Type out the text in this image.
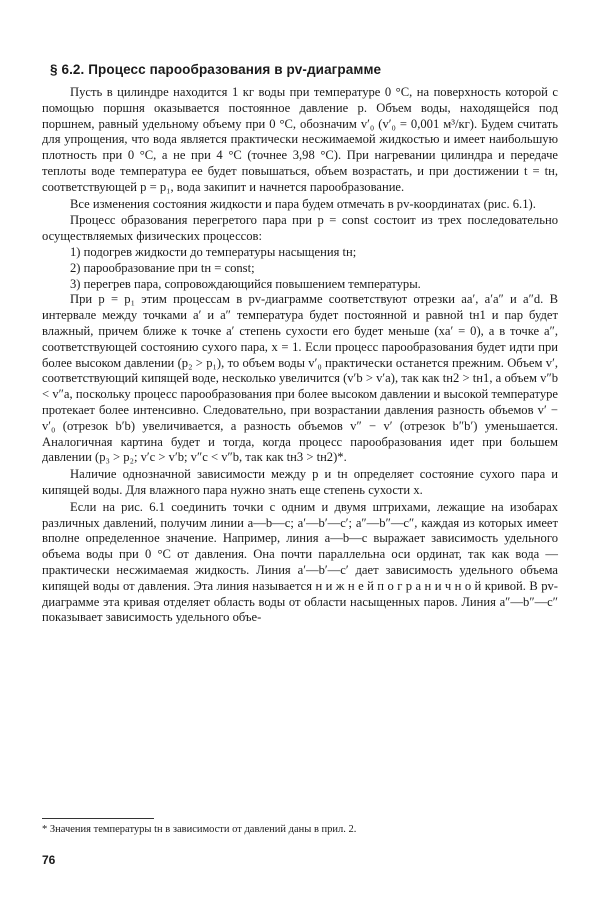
§ 6.2. Процесс парообразования в pv-диаграмме

Пусть в цилиндре находится 1 кг воды при температуре 0 °С, на поверхность которой с помощью поршня оказывается постоянное давление p. Объем воды, находящейся под поршнем, равный удельному объему при 0 °С, обозначим v′₀ (v′₀ = 0,001 м³/кг). Будем считать для упрощения, что вода является практически несжимаемой жидкостью и имеет наибольшую плотность при 0 °С, а не при 4 °С (точнее 3,98 °С). При нагревании цилиндра и передаче теплоты воде температура ее будет повышаться, объем возрастать, и при достижении t = tн, соответствующей p = p₁, вода закипит и начнется парообразование.

Все изменения состояния жидкости и пара будем отмечать в pv-координатах (рис. 6.1).

Процесс образования перегретого пара при p = const состоит из трех последовательно осуществляемых физических процессов:

1) подогрев жидкости до температуры насыщения tн;

2) парообразование при tн = const;

3) перегрев пара, сопровождающийся повышением температуры.

При p = p₁ этим процессам в pv-диаграмме соответствуют отрезки aa′, a′a″ и a″d. В интервале между точками a′ и a″ температура будет постоянной и равной tн1 и пар будет влажный, причем ближе к точке a′ степень сухости его будет меньше (xa′ = 0), а в точке a″, соответствующей состоянию сухого пара, x = 1. Если процесс парообразования будет идти при более высоком давлении (p₂ > p₁), то объем воды v′₀ практически останется прежним. Объем v′, соответствующий кипящей воде, несколько увеличится (v′b > v′a), так как tн2 > tн1, а объем v″b < v″a, поскольку процесс парообразования при более высоком давлении и высокой температуре протекает более интенсивно. Следовательно, при возрастании давления разность объемов v′ − v′₀ (отрезок b′b) увеличивается, а разность объемов v″ − v′ (отрезок b″b′) уменьшается. Аналогичная картина будет и тогда, когда процесс парообразования идет при большем давлении (p₃ > p₂; v′c > v′b; v″c < v″b, так как tн3 > tн2)*.

Наличие однозначной зависимости между p и tн определяет состояние сухого пара и кипящей воды. Для влажного пара нужно знать еще степень сухости x.

Если на рис. 6.1 соединить точки с одним и двумя штрихами, лежащие на изобарах различных давлений, получим линии a—b—c; a′—b′—c′; a″—b″—c″, каждая из которых имеет вполне определенное значение. Например, линия a—b—c выражает зависимость удельного объема воды при 0 °С от давления. Она почти параллельна оси ординат, так как вода — практически несжимаемая жидкость. Линия a′—b′—c′ дает зависимость удельного объема кипящей воды от давления. Эта линия называется н и ж н е й п о г р а н и ч н о й кривой. В pv-диаграмме эта кривая отделяет область воды от области насыщенных паров. Линия a″—b″—c″ показывает зависимость удельного объе-

* Значения температуры tн в зависимости от давлений даны в прил. 2.
76
